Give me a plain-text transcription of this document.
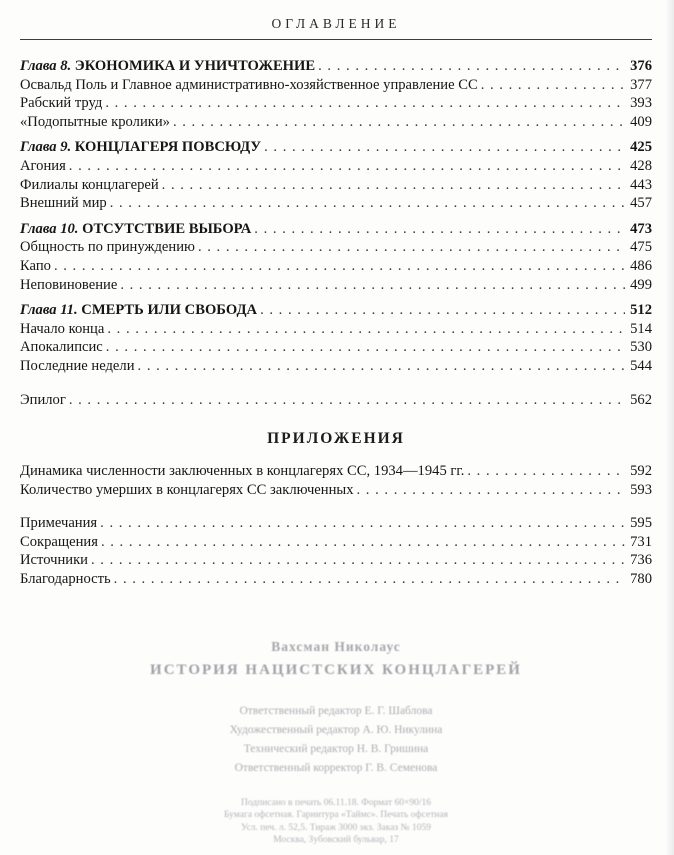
ОГЛАВЛЕНИЕ
Глава 8. ЭКОНОМИКА И УНИЧТОЖЕНИЕ . . .	376
Освальд Поль и Главное административно-хозяйственное управление СС . . .	377
Рабский труд . . .	393
«Подопытные кролики» . . .	409
Глава 9. КОНЦЛАГЕРЯ ПОВСЮДУ . . .	425
Агония . . .	428
Филиалы концлагерей . . .	443
Внешний мир . . .	457
Глава 10. ОТСУТСТВИЕ ВЫБОРА . . .	473
Общность по принуждению . . .	475
Капо . . .	486
Неповиновение . . .	499
Глава 11. СМЕРТЬ ИЛИ СВОБОДА . . .	512
Начало конца . . .	514
Апокалипсис . . .	530
Последние недели . . .	544
Эпилог . . .	562
ПРИЛОЖЕНИЯ
Динамика численности заключенных в концлагерях СС, 1934—1945 гг. . . .	592
Количество умерших в концлагерях СС заключенных . . .	593
Примечания . . .	595
Сокращения . . .	731
Источники . . .	736
Благодарность . . .	780
Вахсман Николаус
ИСТОРИЯ НАЦИСТСКИХ КОНЦЛАГЕРЕЙ
Ответственный редактор Е. Г. Шаблова
Художественный редактор А. Ю. Никулина
Технический редактор Н. В. Гришина
Ответственный корректор Г. В. Семенова
Подписано в печать 06.11.18. Формат 60×90/16
Бумага офсетная. Гарнитура «Таймс». Печать офсетная
Усл. печ. л. 52,5. Тираж 3000 экз. Заказ № 1059
Москва, Зубовский бульвар, 17
